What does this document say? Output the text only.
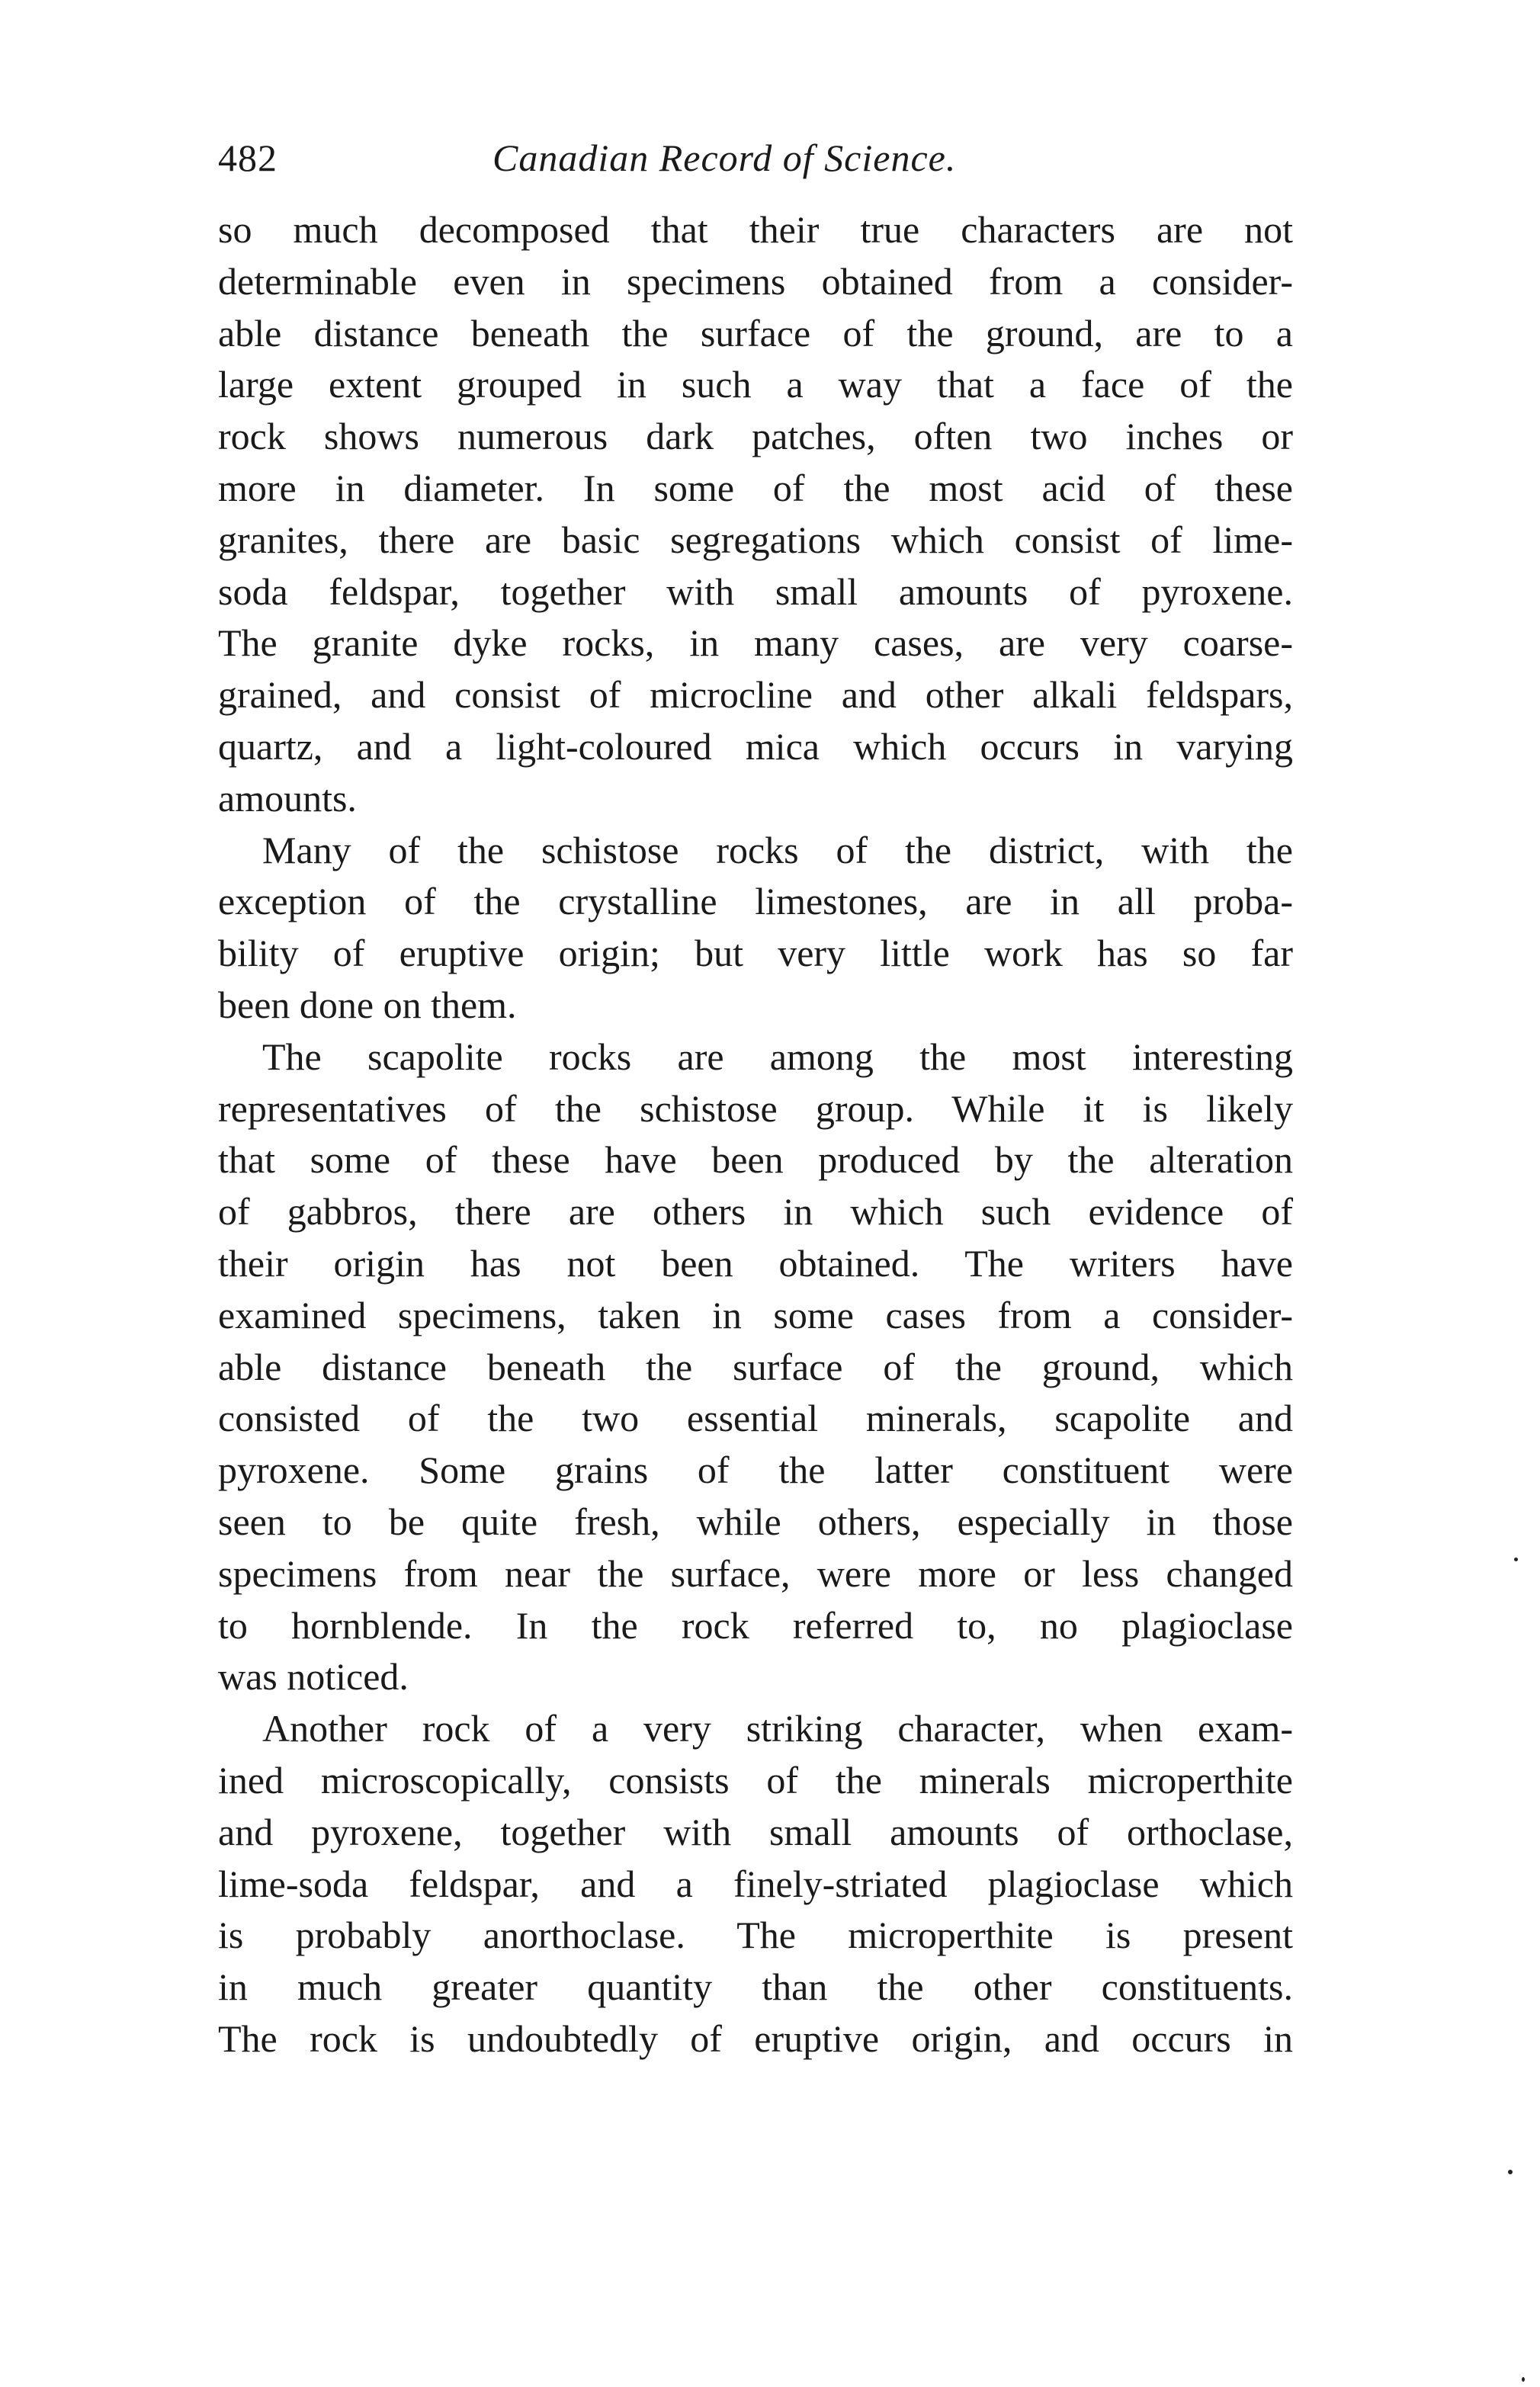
482	Canadian Record of Science.
so much decomposed that their true characters are not
determinable even in specimens obtained from a consider-
able distance beneath the surface of the ground, are to a
large extent grouped in such a way that a face of the
rock shows numerous dark patches, often two inches or
more in diameter. In some of the most acid of these
granites, there are basic segregations which consist of lime-
soda feldspar, together with small amounts of pyroxene.
The granite dyke rocks, in many cases, are very coarse-
grained, and consist of microcline and other alkali feldspars,
quartz, and a light-coloured mica which occurs in varying
amounts.
Many of the schistose rocks of the district, with the
exception of the crystalline limestones, are in all proba-
bility of eruptive origin; but very little work has so far
been done on them.
The scapolite rocks are among the most interesting
representatives of the schistose group. While it is likely
that some of these have been produced by the alteration
of gabbros, there are others in which such evidence of
their origin has not been obtained. The writers have
examined specimens, taken in some cases from a consider-
able distance beneath the surface of the ground, which
consisted of the two essential minerals, scapolite and
pyroxene. Some grains of the latter constituent were
seen to be quite fresh, while others, especially in those
specimens from near the surface, were more or less changed
to hornblende. In the rock referred to, no plagioclase
was noticed.
Another rock of a very striking character, when exam-
ined microscopically, consists of the minerals microperthite
and pyroxene, together with small amounts of orthoclase,
lime-soda feldspar, and a finely-striated plagioclase which
is probably anorthoclase. The microperthite is present
in much greater quantity than the other constituents.
The rock is undoubtedly of eruptive origin, and occurs in
